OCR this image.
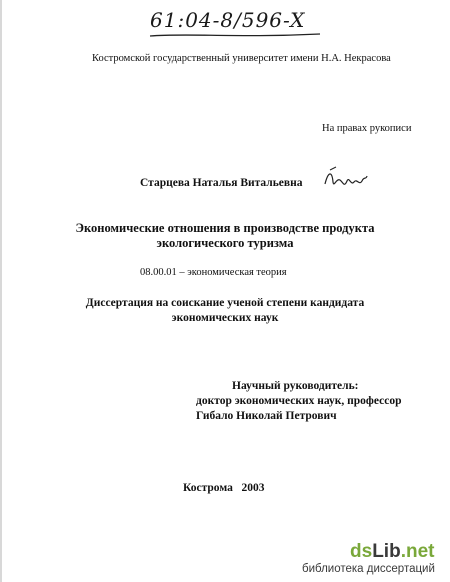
61:04-8/596-X
Костромской государственный университет имени Н.А. Некрасова
На правах рукописи
Старцева Наталья Витальевна
Экономические отношения в производстве продукта
экологического туризма
08.00.01 – экономическая теория
Диссертация на соискание ученой степени кандидата
экономических наук
Научный руководитель:
доктор экономических наук, профессор
Гибало Николай Петрович
Кострома   2003
dsLib.net
библиотека диссертаций
